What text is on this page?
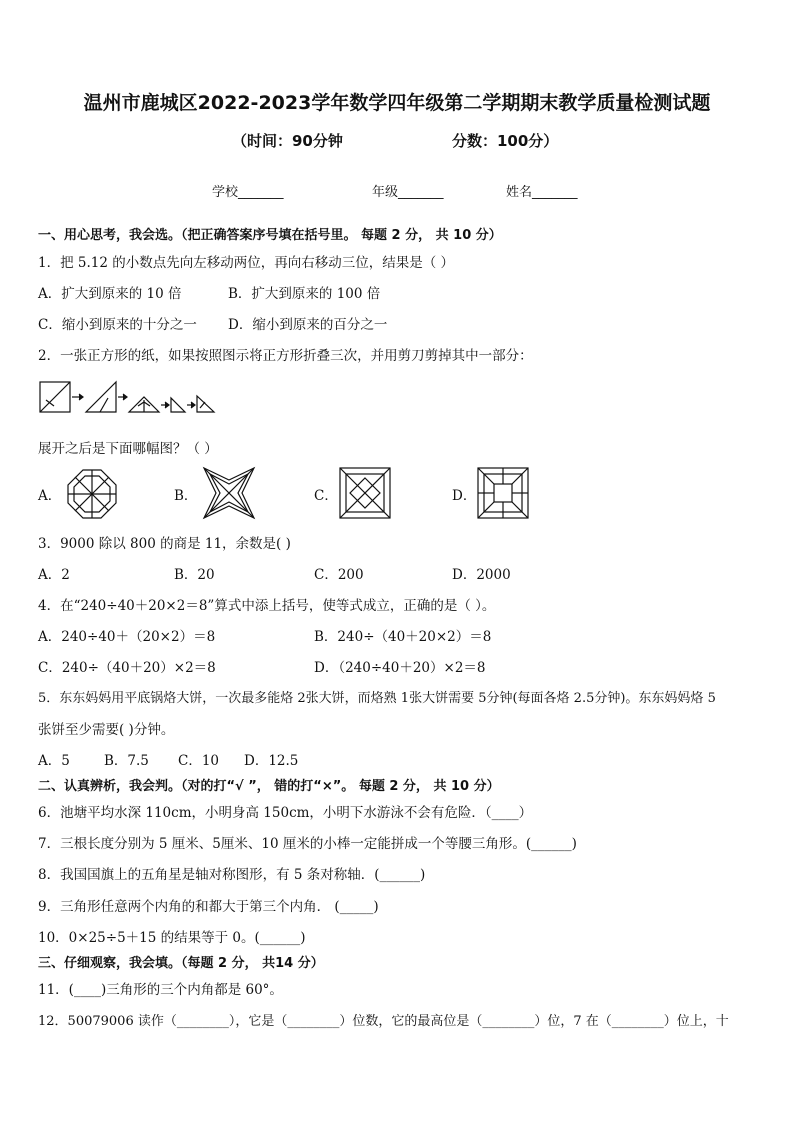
温州市鹿城区2022-2023学年数学四年级第二学期期末教学质量检测试题
（时间：90分钟	分数：100分）
学校_______	年级_______	姓名_______
一、用心思考，我会选。（把正确答案序号填在括号里。 每题 2 分， 共 10 分）
1．把 5.12 的小数点先向左移动两位，再向右移动三位，结果是（ ）
A．扩大到原来的 10 倍	B．扩大到原来的 100 倍
C．缩小到原来的十分之一 D．缩小到原来的百分之一
2．一张正方形的纸，如果按照图示将正方形折叠三次，并用剪刀剪掉其中一部分：
展开之后是下面哪幅图？（ ）
A．	B．	C．	D．
3．9000 除以 800 的商是 11，余数是( )
A．2	B．20	C．200	D．2000
4．在“240÷40＋20×2＝8”算式中添上括号，使等式成立，正确的是（ ）。
A．240÷40＋（20×2）＝8	B．240÷（40＋20×2）＝8
C．240÷（40＋20）×2＝8	D．（240÷40＋20）×2＝8
5．东东妈妈用平底锅烙大饼，一次最多能烙 2张大饼，而烙熟 1张大饼需要 5分钟(每面各烙 2.5分钟)。东东妈妈烙 5
张饼至少需要( )分钟。
A．5	B．7.5 C．10 D．12.5
二、认真辨析，我会判。（对的打“√ ”， 错的打“×”。 每题 2 分， 共 10 分）
6．池塘平均水深 110cm，小明身高 150cm，小明下水游泳不会有危险．（____）
7．三根长度分别为 5 厘米、5厘米、10 厘米的小棒一定能拼成一个等腰三角形。(______)
8．我国国旗上的五角星是轴对称图形，有 5 条对称轴．(______)
9．三角形任意两个内角的和都大于第三个内角． (_____)
10．0×25÷5＋15 的结果等于 0。(______)
三、仔细观察，我会填。（每题 2 分， 共14 分）
11．(____)三角形的三个内角都是 60°。
12．50079006 读作（________），它是（________）位数，它的最高位是（________）位，7 在（________）位上，十
